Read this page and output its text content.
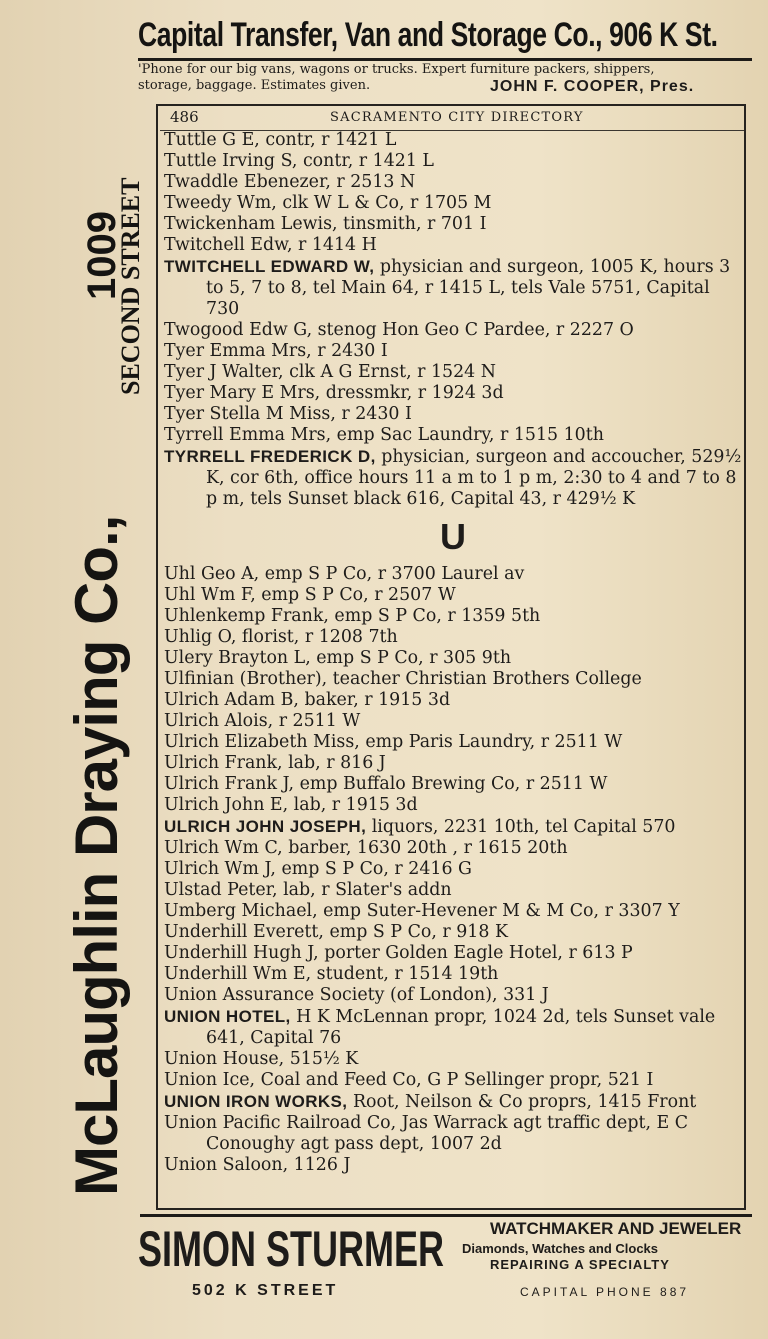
Capital Transfer, Van and Storage Co., 906 K St.
'Phone for our big vans, wagons or trucks. Expert furniture packers, shippers,
storage, baggage. Estimates given.	JOHN F. COOPER, Pres.
McLaughlin Draying Co.,
1009
SECOND STREET
486	SACRAMENTO CITY DIRECTORY
Tuttle G E, contr, r 1421 L
Tuttle Irving S, contr, r 1421 L
Twaddle Ebenezer, r 2513 N
Tweedy Wm, clk W L & Co, r 1705 M
Twickenham Lewis, tinsmith, r 701 I
Twitchell Edw, r 1414 H
TWITCHELL EDWARD W, physician and surgeon, 1005 K, hours 3 to 5, 7 to 8, tel Main 64, r 1415 L, tels Vale 5751, Capital 730
Twogood Edw G, stenog Hon Geo C Pardee, r 2227 O
Tyer Emma Mrs, r 2430 I
Tyer J Walter, clk A G Ernst, r 1524 N
Tyer Mary E Mrs, dressmkr, r 1924 3d
Tyer Stella M Miss, r 2430 I
Tyrrell Emma Mrs, emp Sac Laundry, r 1515 10th
TYRRELL FREDERICK D, physician, surgeon and accoucher, 529½ K, cor 6th, office hours 11 a m to 1 p m, 2:30 to 4 and 7 to 8 p m, tels Sunset black 616, Capital 43, r 429½ K
U
Uhl Geo A, emp S P Co, r 3700 Laurel av
Uhl Wm F, emp S P Co, r 2507 W
Uhlenkemp Frank, emp S P Co, r 1359 5th
Uhlig O, florist, r 1208 7th
Ulery Brayton L, emp S P Co, r 305 9th
Ulfinian (Brother), teacher Christian Brothers College
Ulrich Adam B, baker, r 1915 3d
Ulrich Alois, r 2511 W
Ulrich Elizabeth Miss, emp Paris Laundry, r 2511 W
Ulrich Frank, lab, r 816 J
Ulrich Frank J, emp Buffalo Brewing Co, r 2511 W
Ulrich John E, lab, r 1915 3d
ULRICH JOHN JOSEPH, liquors, 2231 10th, tel Capital 570
Ulrich Wm C, barber, 1630 20th , r 1615 20th
Ulrich Wm J, emp S P Co, r 2416 G
Ulstad Peter, lab, r Slater's addn
Umberg Michael, emp Suter-Hevener M & M Co, r 3307 Y
Underhill Everett, emp S P Co, r 918 K
Underhill Hugh J, porter Golden Eagle Hotel, r 613 P
Underhill Wm E, student, r 1514 19th
Union Assurance Society (of London), 331 J
UNION HOTEL, H K McLennan propr, 1024 2d, tels Sunset vale 641, Capital 76
Union House, 515½ K
Union Ice, Coal and Feed Co, G P Sellinger propr, 521 I
UNION IRON WORKS, Root, Neilson & Co proprs, 1415 Front
Union Pacific Railroad Co, Jas Warrack agt traffic dept, E C Conoughy agt pass dept, 1007 2d
Union Saloon, 1126 J
SIMON STURMER	WATCHMAKER AND JEWELER
Diamonds, Watches and Clocks
REPAIRING A SPECIALTY
502 K STREET	CAPITAL PHONE 887
